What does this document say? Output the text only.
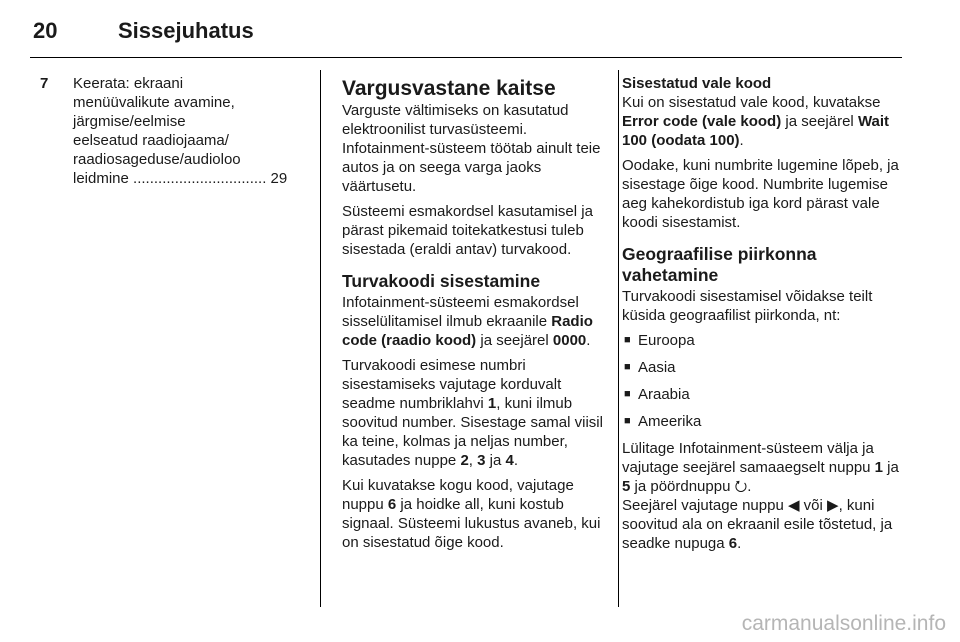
20	Sissejuhatus
7	Keerata: ekraani
menüüvalikute avamine,
järgmise/eelmise
eelseatud raadiojaama/
raadiosageduse/audioloo
leidmine ................................ 29
Vargusvastane kaitse

Varguste vältimiseks on kasutatud elektroonilist turvasüsteemi. Infotainment-süsteem töötab ainult teie autos ja on seega varga jaoks väärtusetu.

Süsteemi esmakordsel kasutamisel ja pärast pikemaid toitekatkestusi tuleb sisestada (eraldi antav) turvakood.

Turvakoodi sisestamine

Infotainment-süsteemi esmakordsel sisselülitamisel ilmub ekraanile Radio code (raadio kood) ja seejärel 0000.

Turvakoodi esimese numbri sisestamiseks vajutage korduvalt seadme numbriklahvi 1, kuni ilmub soovitud number. Sisestage samal viisil ka teine, kolmas ja neljas number, kasutades nuppe 2, 3 ja 4.

Kui kuvatakse kogu kood, vajutage nuppu 6 ja hoidke all, kuni kostub signaal. Süsteemi lukustus avaneb, kui on sisestatud õige kood.

Sisestatud vale kood

Kui on sisestatud vale kood, kuvatakse Error code (vale kood) ja seejärel Wait 100 (oodata 100).

Oodake, kuni numbrite lugemine lõpeb, ja sisestage õige kood. Numbrite lugemise aeg kahekordistub iga kord pärast vale koodi sisestamist.

Geograafilise piirkonna vahetamine

Turvakoodi sisestamisel võidakse teilt küsida geograafilist piirkonda, nt:

■ Euroopa
■ Aasia
■ Araabia
■ Ameerika

Lülitage Infotainment-süsteem välja ja vajutage seejärel samaaegselt nuppu 1 ja 5 ja pöördnuppu ⭮.

Seejärel vajutage nuppu ◀ või ▶, kuni soovitud ala on ekraanil esile tõstetud, ja seadke nupuga 6.

carmanualsonline.info
